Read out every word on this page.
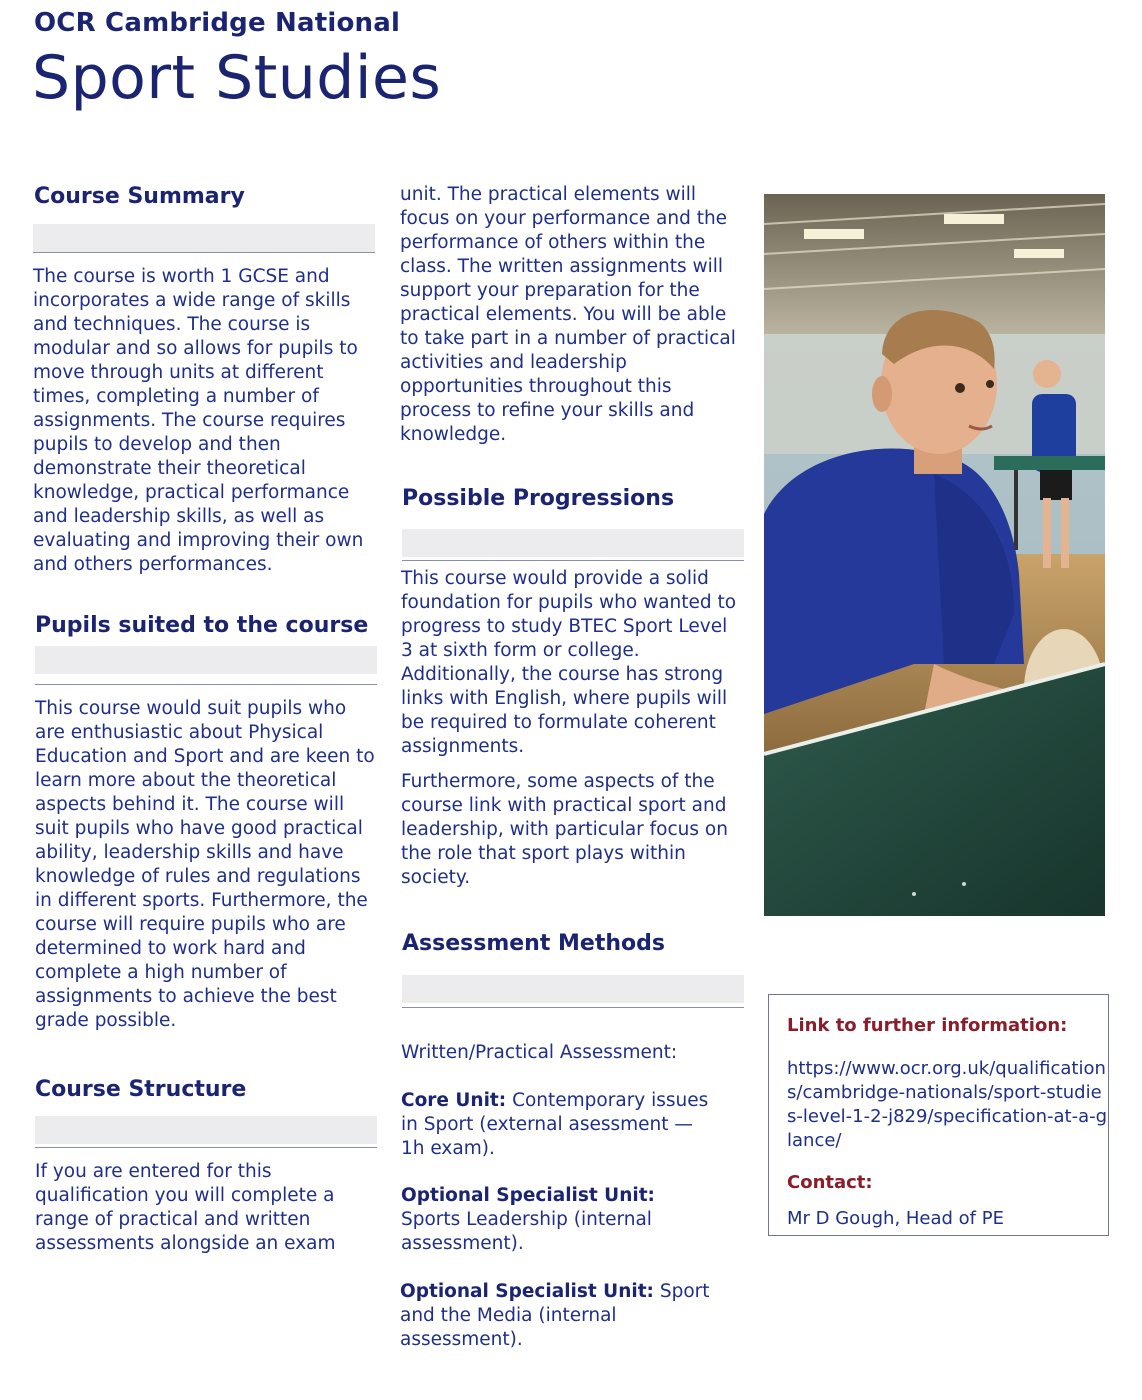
OCR Cambridge National
Sport Studies
Course Summary
The course is worth 1 GCSE and incorporates a wide range of skills and techniques. The course is modular and so allows for pupils to move through units at different times, completing a number of assignments. The course requires pupils to develop and then demonstrate their theoretical knowledge, practical performance and leadership skills, as well as evaluating and improving their own and others performances.
Pupils suited to the course
This course would suit pupils who are enthusiastic about Physical Education and Sport and are keen to learn more about the theoretical aspects behind it. The course will suit pupils who have good practical ability, leadership skills and have knowledge of rules and regulations in different sports. Furthermore, the course will require pupils who are determined to work hard and complete a high number of assignments to achieve the best grade possible.
Course Structure
If you are entered for this qualification you will complete a range of practical and written assessments alongside an exam
unit. The practical elements will focus on your performance and the performance of others within the class. The written assignments will support your preparation for the practical elements. You will be able to take part in a number of practical activities and leadership opportunities throughout this process to refine your skills and knowledge.
Possible Progressions
This course would provide a solid foundation for pupils who wanted to progress to study BTEC Sport Level 3 at sixth form or college. Additionally, the course has strong links with English, where pupils will be required to formulate coherent assignments.
Furthermore, some aspects of the course link with practical sport and leadership, with particular focus on the role that sport plays within society.
Assessment Methods
Written/Practical Assessment:
Core Unit: Contemporary issues in Sport (external asessment — 1h exam).
Optional Specialist Unit: Sports Leadership (internal assessment).
Optional Specialist Unit: Sport and the Media (internal assessment).
Link to further information:
https://www.ocr.org.uk/qualifications/cambridge-nationals/sport-studies-level-1-2-j829/specification-at-a-glance/
Contact:
Mr D Gough, Head of PE
